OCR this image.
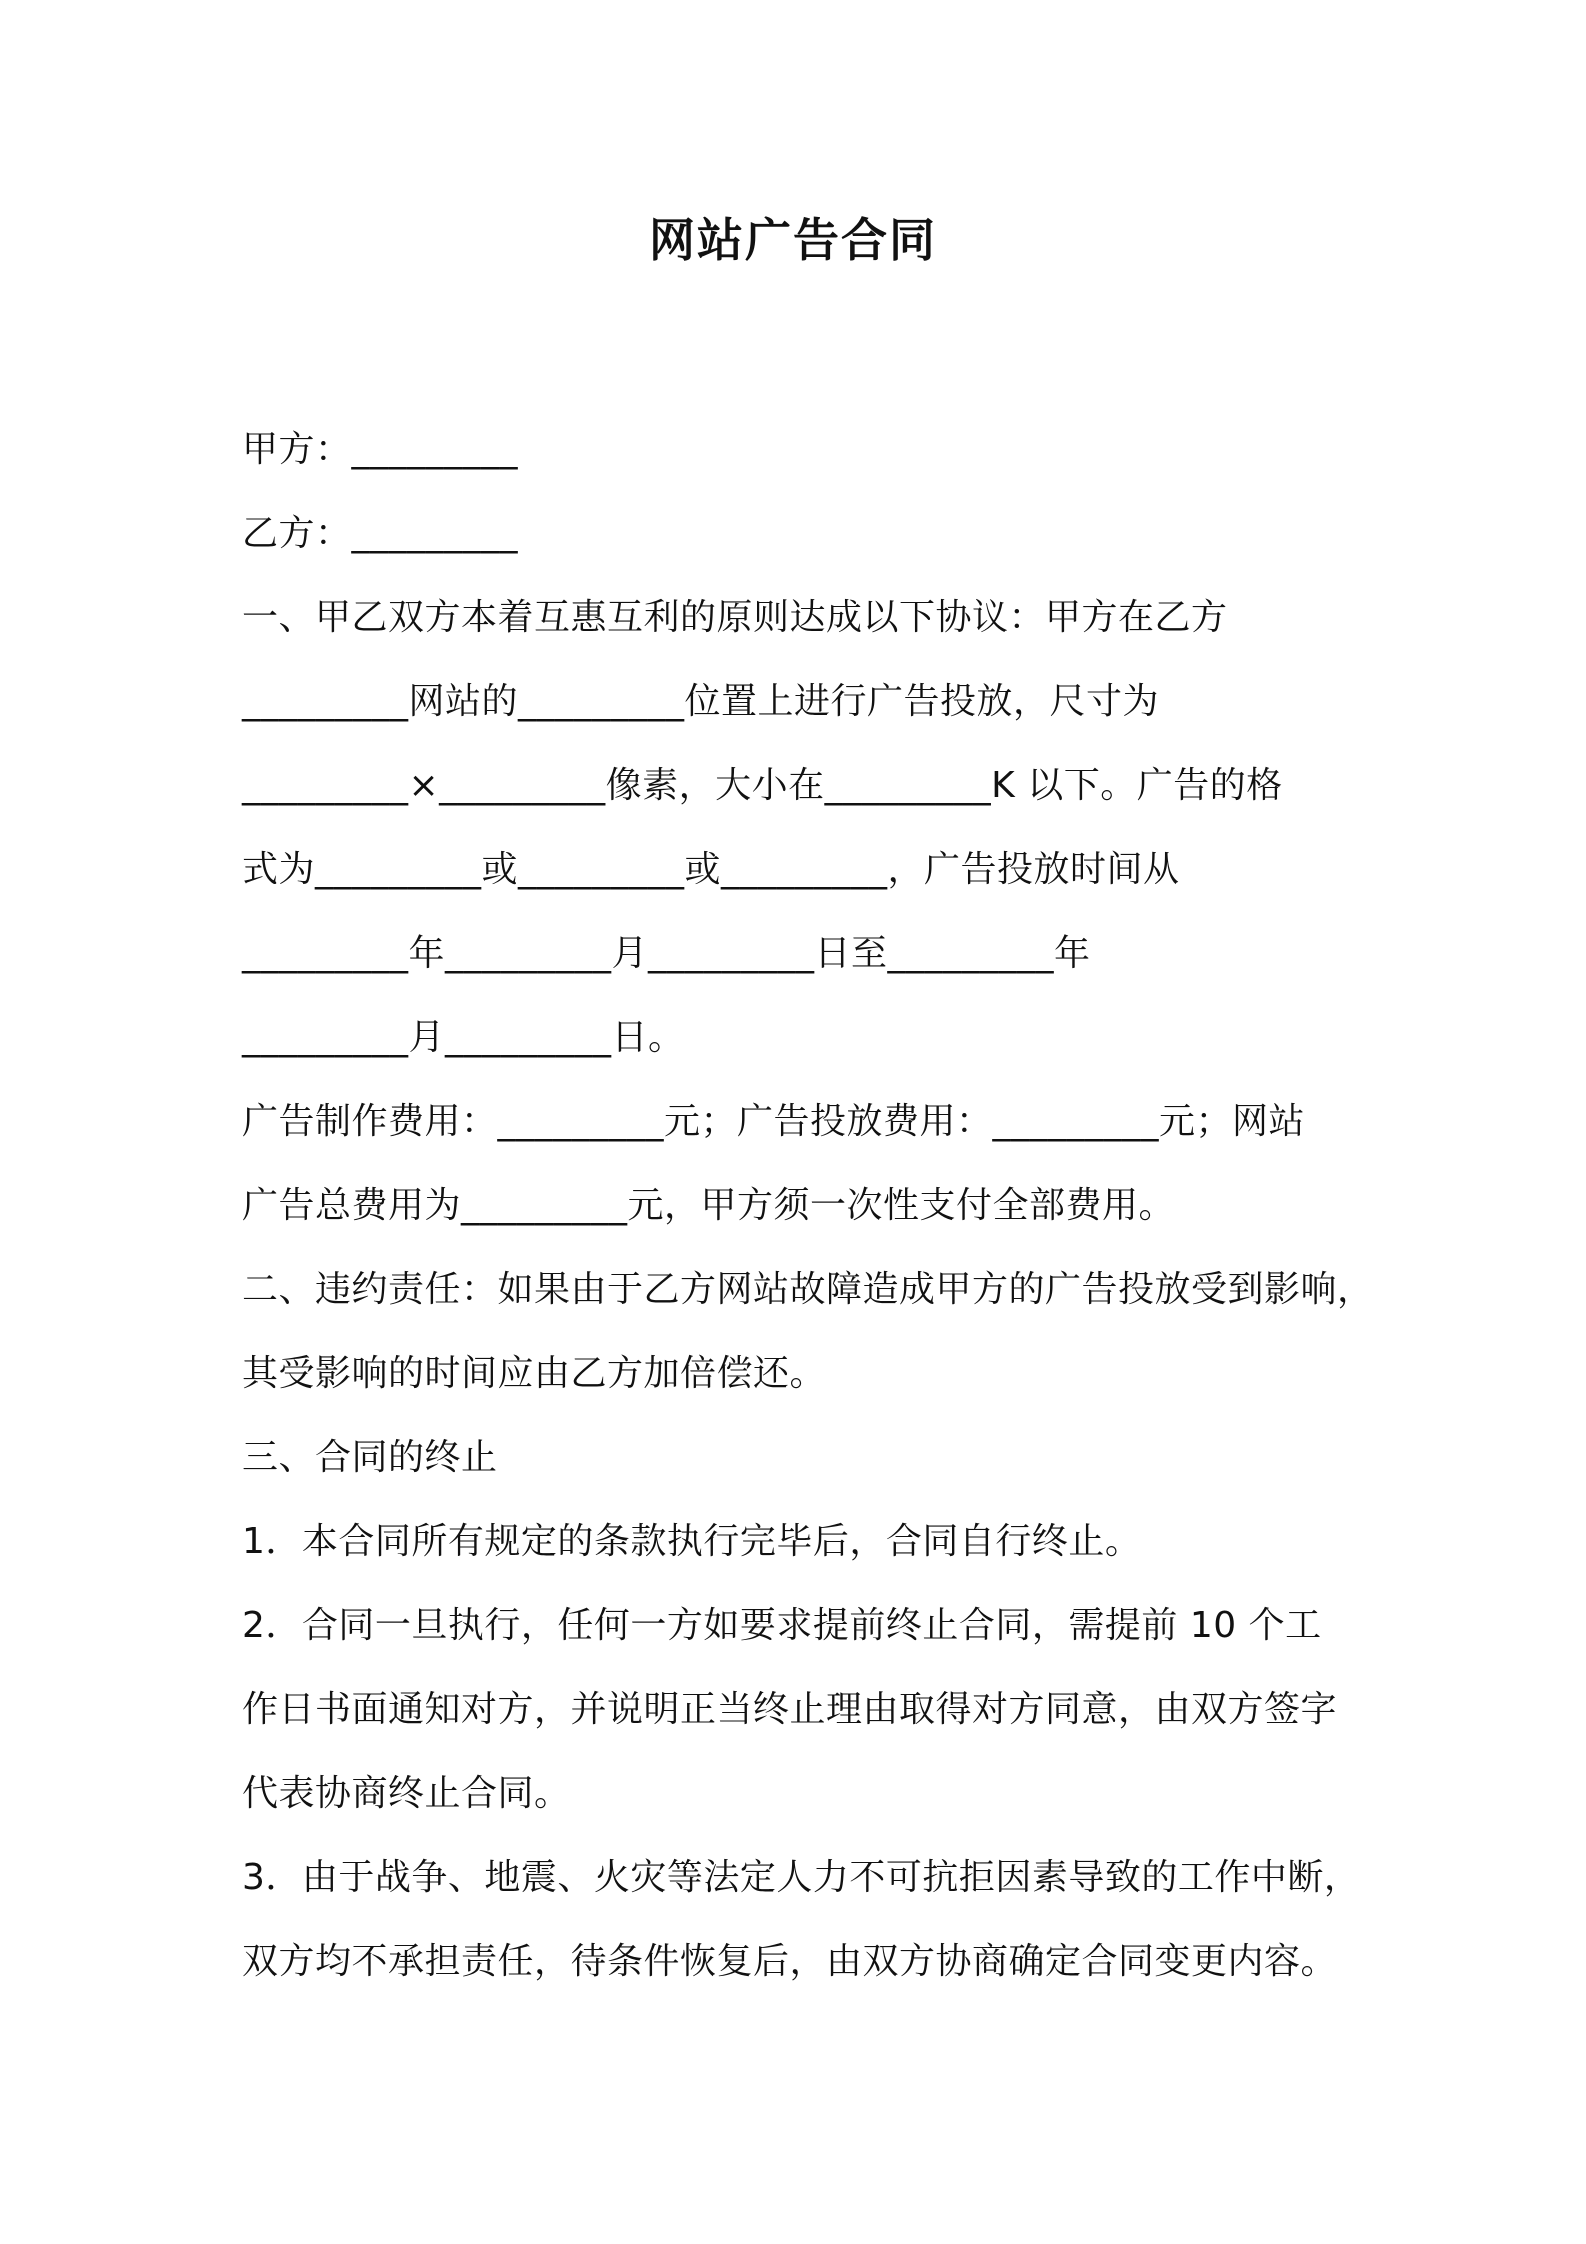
网站广告合同
甲方：_________
乙方：_________
一、甲乙双方本着互惠互利的原则达成以下协议：甲方在乙方
_________网站的_________位置上进行广告投放，尺寸为
_________×_________像素，大小在_________K 以下。广告的格
式为_________或_________或_________，广告投放时间从
_________年_________月_________日至_________年
_________月_________日。
广告制作费用：_________元；广告投放费用：_________元；网站
广告总费用为_________元，甲方须一次性支付全部费用。
二、违约责任：如果由于乙方网站故障造成甲方的广告投放受到影响，
其受影响的时间应由乙方加倍偿还。
三、合同的终止
1．本合同所有规定的条款执行完毕后，合同自行终止。
2．合同一旦执行，任何一方如要求提前终止合同，需提前 10 个工
作日书面通知对方，并说明正当终止理由取得对方同意，由双方签字
代表协商终止合同。
3．由于战争、地震、火灾等法定人力不可抗拒因素导致的工作中断，
双方均不承担责任，待条件恢复后，由双方协商确定合同变更内容。
